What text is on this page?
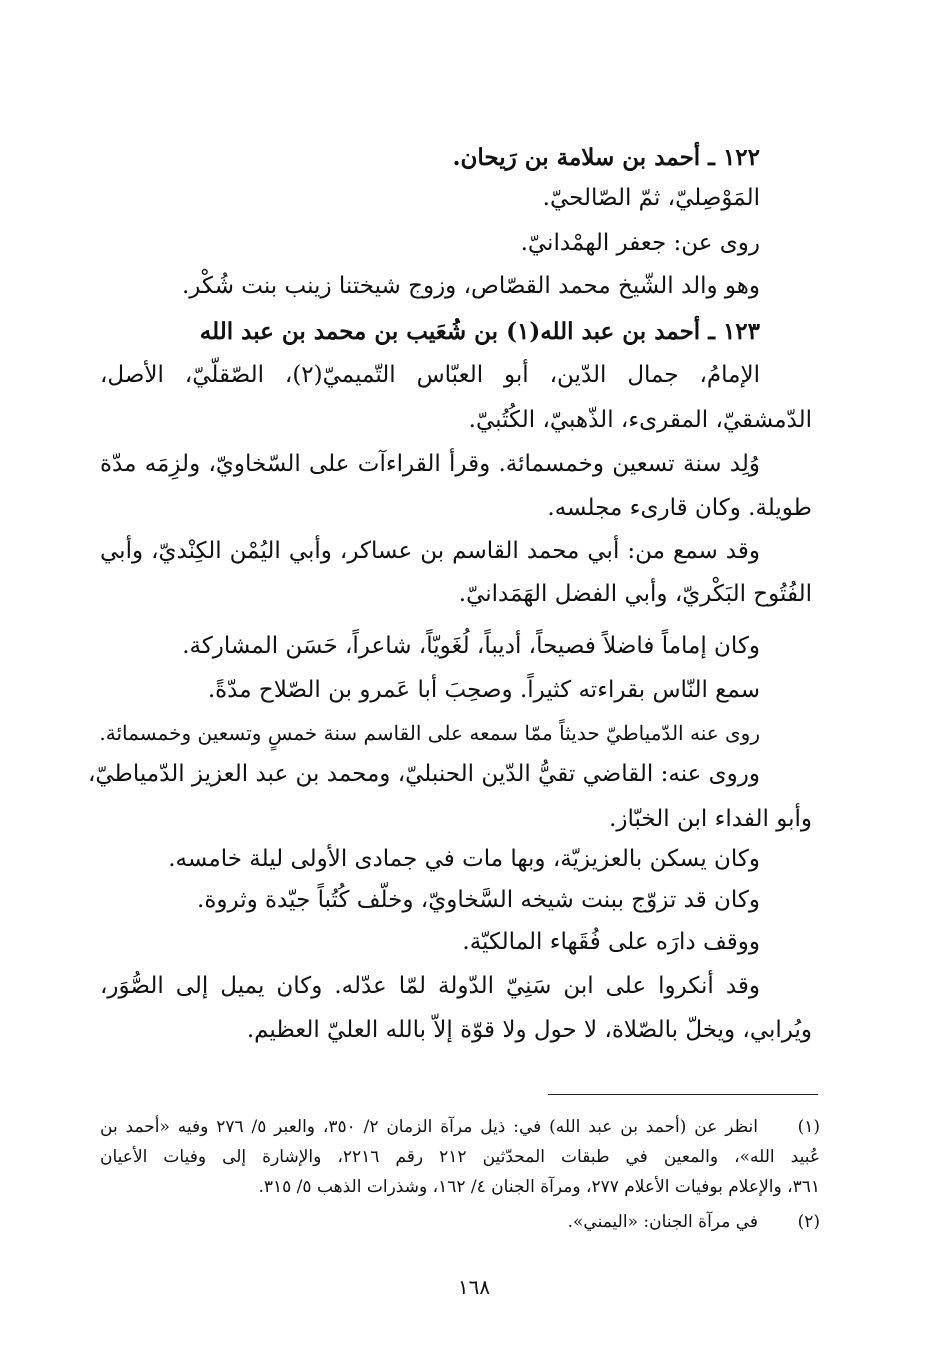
١٢٢ ـ أحمد بن سلامة بن رَيحان.
المَوْصِليّ، ثمّ الصّالحيّ.
روى عن: جعفر الهمْدانيّ.
وهو والد الشّيخ محمد القصّاص، وزوج شيختنا زينب بنت شُكْر.
١٢٣ ـ أحمد بن عبد الله(١) بن شُعَيب بن محمد بن عبد الله
الإمامُ، جمال الدّين، أبو العبّاس التّميميّ(٢)، الصّقلّيّ، الأصل،
الدّمشقيّ، المقرىء، الذّهبيّ، الكُتُبيّ.
وُلِد سنة تسعين وخمسمائة. وقرأ القراءآت على السّخاويّ، ولزِمَه مدّة
طويلة. وكان قارىء مجلسه.
وقد سمع من: أبي محمد القاسم بن عساكر، وأبي اليُمْن الكِنْديّ، وأبي
الفُتُوح البَكْريّ، وأبي الفضل الهَمَدانيّ.
وكان إماماً فاضلاً فصيحاً، أديباً، لُغَويّاً، شاعراً، حَسَن المشاركة.
سمع النّاس بقراءته كثيراً. وصحِبَ أبا عَمرو بن الصّلاح مدّةً.
روى عنه الدّمياطيّ حديثاً ممّا سمعه على القاسم سنة خمسٍ وتسعين وخمسمائة.
وروى عنه: القاضي تقيُّ الدّين الحنبليّ، ومحمد بن عبد العزيز الدّمياطيّ،
وأبو الفداء ابن الخبّاز.
وكان يسكن بالعزيزيّة، وبها مات في جمادى الأولى ليلة خامسه.
وكان قد تزوّج ببنت شيخه السَّخاويّ، وخلّف كُتُباً جيّدة وثروة.
ووقف دارَه على فُقَهاء المالكيّة.
وقد أنكروا على ابن سَنِيّ الدّولة لمّا عدّله. وكان يميل إلى الصُّوَر،
ويُرابي، ويخلّ بالصّلاة، لا حول ولا قوّة إلاّ بالله العليّ العظيم.
(١)
انظر عن (أحمد بن عبد الله) في: ذيل مرآة الزمان ٢/ ٣٥٠، والعبر ٥/ ٢٧٦ وفيه «أحمد بن
عُبيد الله»، والمعين في طبقات المحدّثين ٢١٢ رقم ٢٢١٦، والإشارة إلى وفيات الأعيان
٣٦١، والإعلام بوفيات الأعلام ٢٧٧، ومرآة الجنان ٤/ ١٦٢، وشذرات الذهب ٥/ ٣١٥.
(٢)
في مرآة الجنان: «اليمني».
١٦٨
